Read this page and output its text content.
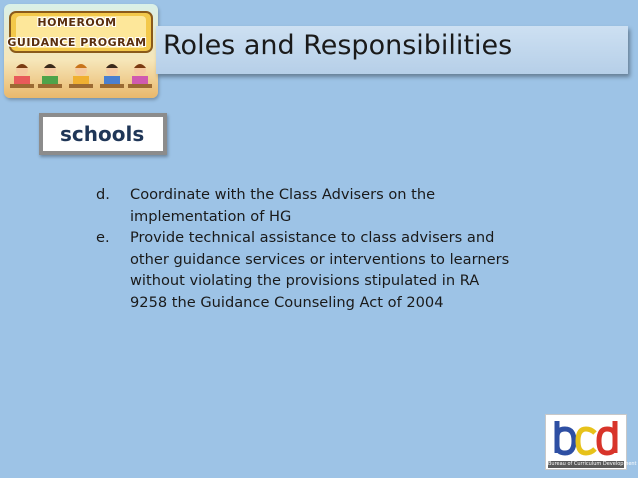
HOMEROOM
GUIDANCE PROGRAM Roles and Responsibilities
schools
d. Coordinate with the Class Advisers on the
implementation of HG
e. Provide technical assistance to class advisers and
other guidance services or interventions to learners
without violating the provisions stipulated in RA
9258 the Guidance Counseling Act of 2004
Bureau of Curriculum Development
